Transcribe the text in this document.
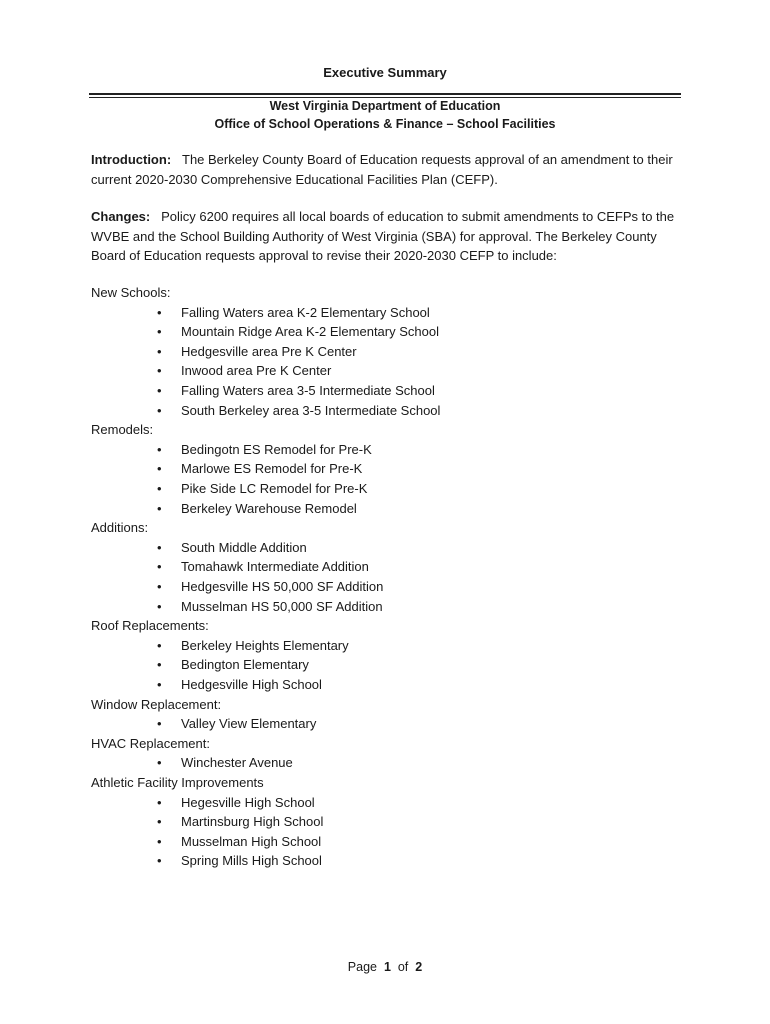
Executive Summary
West Virginia Department of Education
Office of School Operations & Finance – School Facilities
Introduction: The Berkeley County Board of Education requests approval of an amendment to their current 2020-2030 Comprehensive Educational Facilities Plan (CEFP).
Changes: Policy 6200 requires all local boards of education to submit amendments to CEFPs to the WVBE and the School Building Authority of West Virginia (SBA) for approval. The Berkeley County Board of Education requests approval to revise their 2020-2030 CEFP to include:
New Schools:
• Falling Waters area K-2 Elementary School
• Mountain Ridge Area K-2 Elementary School
• Hedgesville area Pre K Center
• Inwood area Pre K Center
• Falling Waters area 3-5 Intermediate School
• South Berkeley area 3-5 Intermediate School
Remodels:
• Bedingotn ES Remodel for Pre-K
• Marlowe ES Remodel for Pre-K
• Pike Side LC Remodel for Pre-K
• Berkeley Warehouse Remodel
Additions:
• South Middle Addition
• Tomahawk Intermediate Addition
• Hedgesville HS 50,000 SF Addition
• Musselman HS 50,000 SF Addition
Roof Replacements:
• Berkeley Heights Elementary
• Bedington Elementary
• Hedgesville High School
Window Replacement:
• Valley View Elementary
HVAC Replacement:
• Winchester Avenue
Athletic Facility Improvements
• Hegesville High School
• Martinsburg High School
• Musselman High School
• Spring Mills High School
Page 1 of 2
